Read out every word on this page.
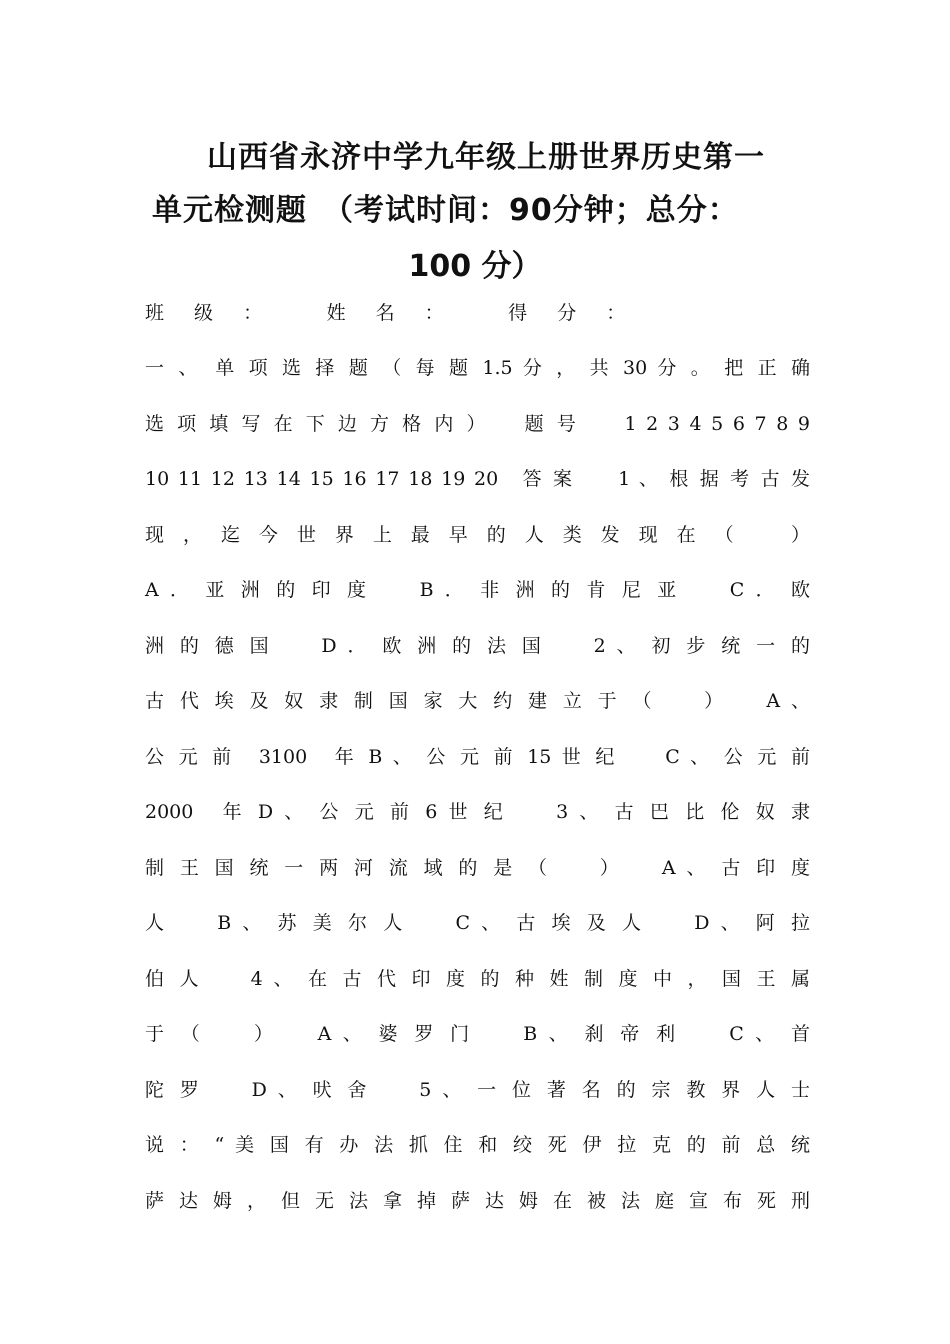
山西省永济中学九年级上册世界历史第一
单元检测题　（考试时间：90分钟；总分：
100 分）
班 级 ：　　姓 名 ：　　得 分 ：
一 、　单 项 选 择 题 （ 每 题 1.5 分 ， 共 30 分 。 把 正 确
选 项 填 写 在 下 边 方 格 内 ）　　题 号　　1 2 3 4 5 6 7 8 9
10 11 12 13 14 15 16 17 18 19 20　答 案　　1 、 根 据 考 古 发
现 ， 迄 今 世 界 上 最 早 的 人 类 发 现 在 （　　）
A ． 亚 洲 的 印 度　　B ． 非 洲 的 肯 尼 亚　　C ． 欧
洲 的 德 国　　D ． 欧 洲 的 法 国　　2 、 初 步 统 一 的
古 代 埃 及 奴 隶 制 国 家 大 约 建 立 于 （　　）　　A 、
公 元 前　3100　年 B 、 公 元 前 15 世 纪　　C 、 公 元 前
2000　年 D 、 公 元 前 6 世 纪　　3 、 古 巴 比 伦 奴 隶
制 王 国 统 一 两 河 流 域 的 是 （　　）　　A 、 古 印 度
人　　B 、 苏 美 尔 人　　C 、 古 埃 及 人　　D 、 阿 拉
伯 人　　4 、 在 古 代 印 度 的 种 姓 制 度 中 ， 国 王 属
于 （　　）　　A 、 婆 罗 门　　B 、 刹 帝 利　　C 、 首
陀 罗　　D 、 吠 舍　　5 、 一 位 著 名 的 宗 教 界 人 士
说 ： “ 美 国 有 办 法 抓 住 和 绞 死 伊 拉 克 的 前 总 统
萨 达 姆 ， 但 无 法 拿 掉 萨 达 姆 在 被 法 庭 宣 布 死 刑
